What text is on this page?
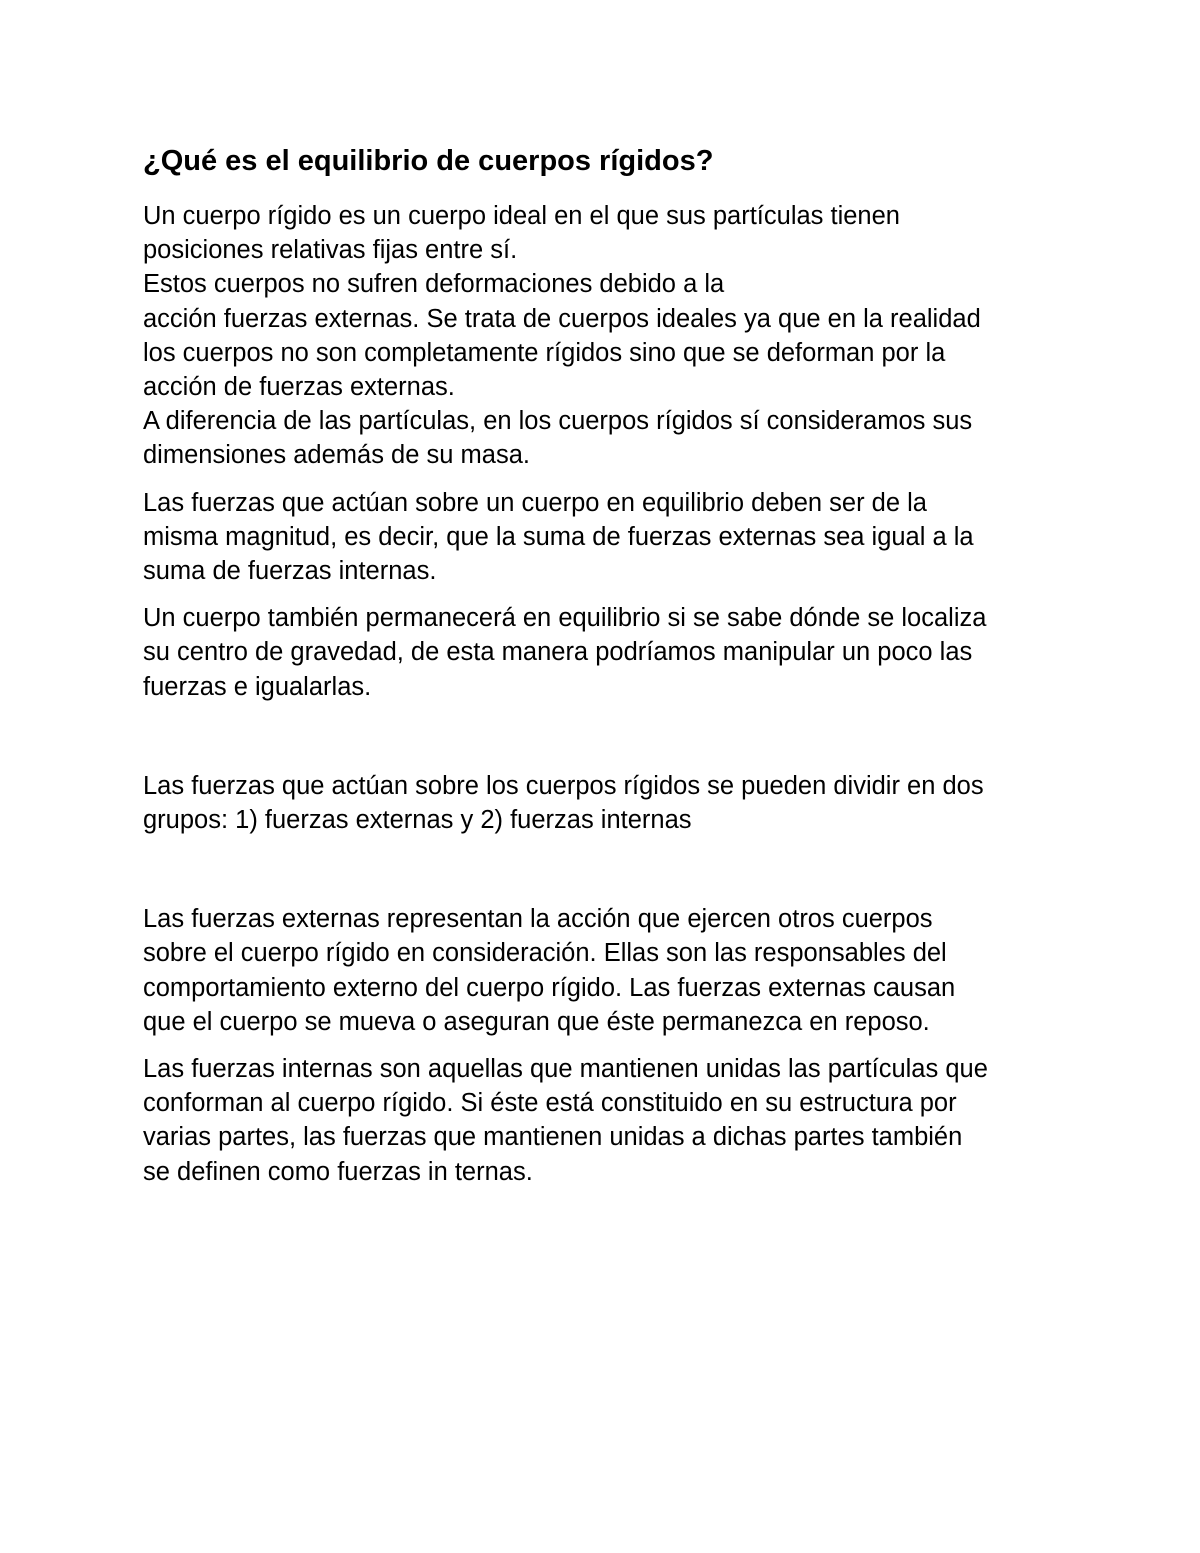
¿Qué es el equilibrio de cuerpos rígidos?

Un cuerpo rígido es un cuerpo ideal en el que sus partículas tienen

posiciones relativas fijas entre sí.

Estos cuerpos no sufren deformaciones debido a la

acción fuerzas externas. Se trata de cuerpos ideales ya que en la realidad

los cuerpos no son completamente rígidos sino que se deforman por la

acción de fuerzas externas.

A diferencia de las partículas, en los cuerpos rígidos sí consideramos sus

dimensiones además de su masa.

Las fuerzas que actúan sobre un cuerpo en equilibrio deben ser de la

misma magnitud, es decir, que la suma de fuerzas externas sea igual a la

suma de fuerzas internas.

Un cuerpo también permanecerá en equilibrio si se sabe dónde se localiza

su centro de gravedad, de esta manera podríamos manipular un poco las

fuerzas e igualarlas.

Las fuerzas que actúan sobre los cuerpos rígidos se pueden dividir en dos

grupos: 1) fuerzas externas y 2) fuerzas internas

Las fuerzas externas representan la acción que ejercen otros cuerpos

sobre el cuerpo rígido en consideración. Ellas son las responsables del

comportamiento externo del cuerpo rígido. Las fuerzas externas causan

que el cuerpo se mueva o aseguran que éste permanezca en reposo.

Las fuerzas internas son aquellas que mantienen unidas las partículas que

conforman al cuerpo rígido. Si éste está constituido en su estructura por

varias partes, las fuerzas que mantienen unidas a dichas partes también

se definen como fuerzas in ternas.
